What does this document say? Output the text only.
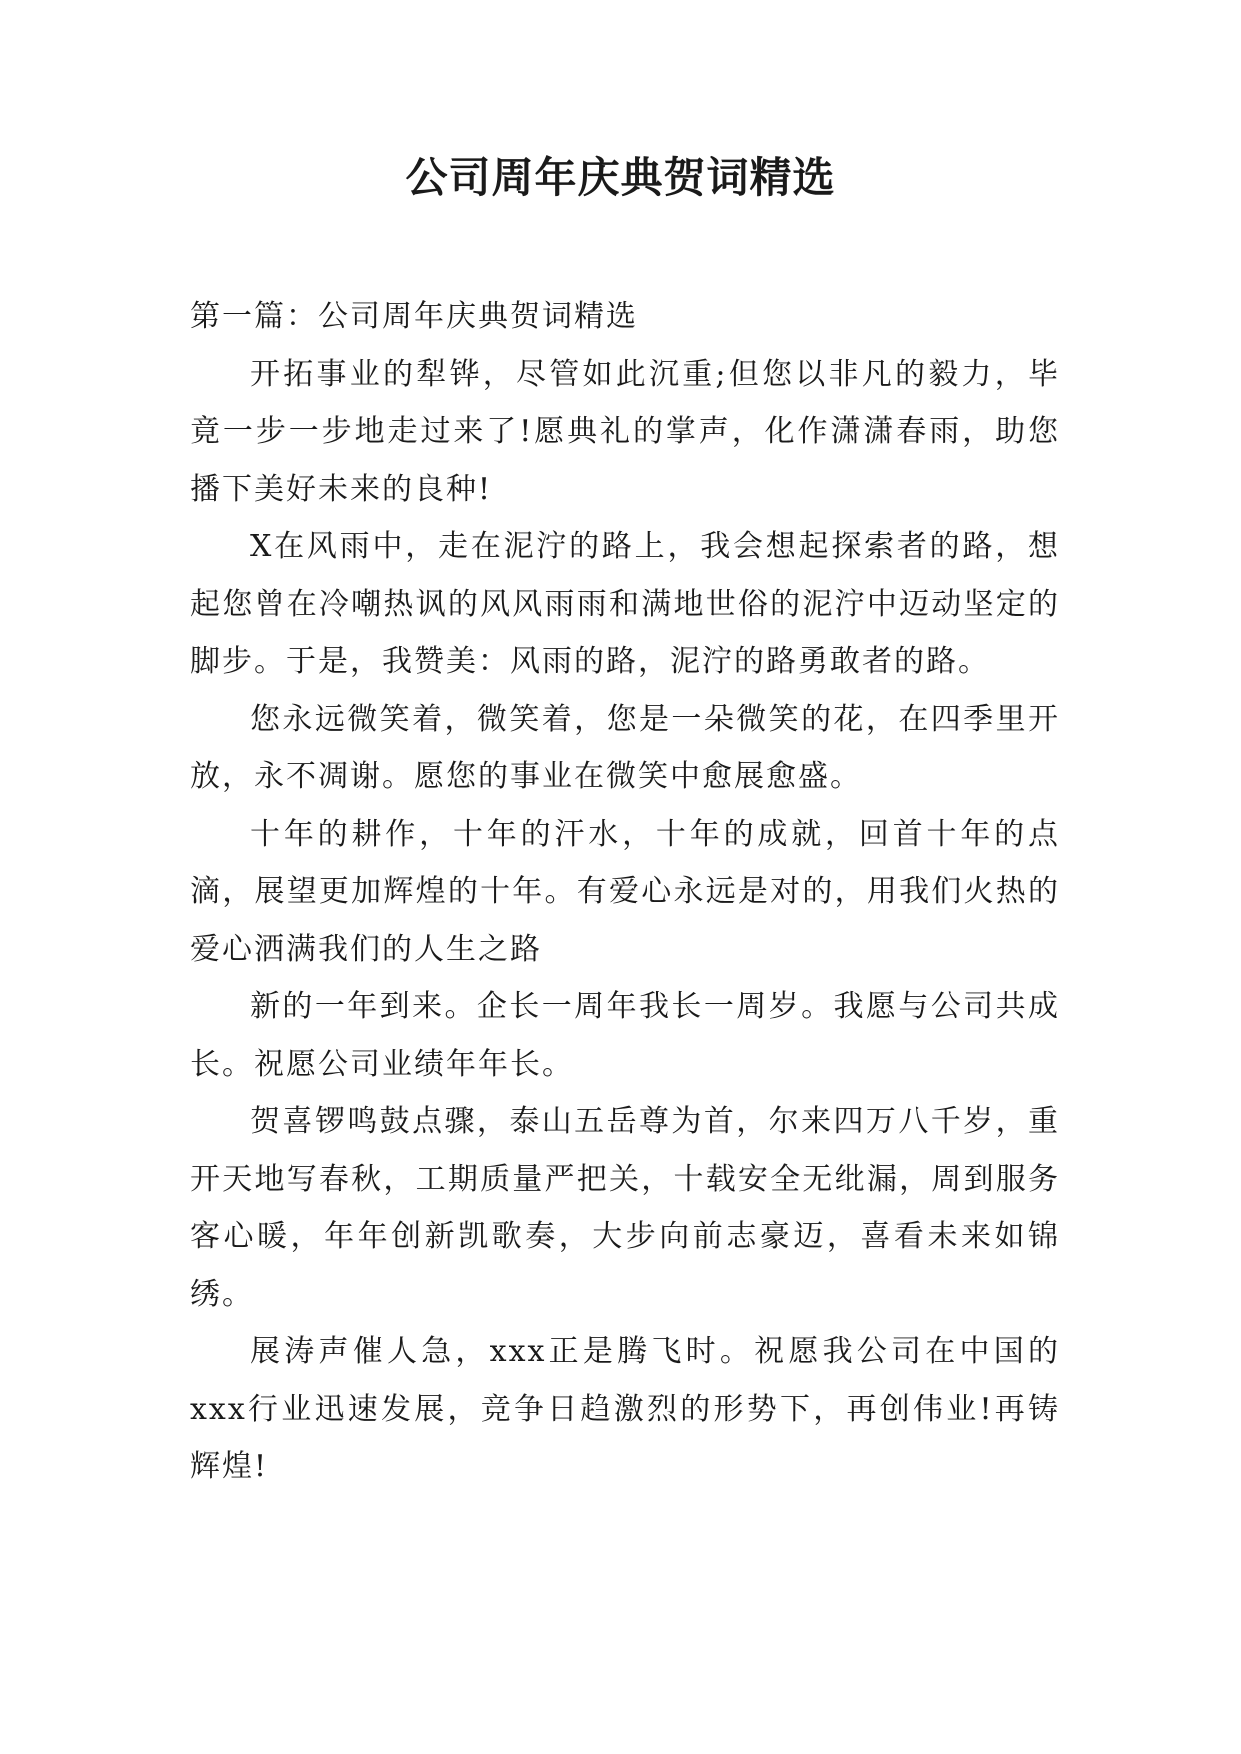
公司周年庆典贺词精选

第一篇：公司周年庆典贺词精选

开拓事业的犁铧，尽管如此沉重;但您以非凡的毅力，毕竟一步一步地走过来了!愿典礼的掌声，化作潇潇春雨，助您播下美好未来的良种!

X在风雨中，走在泥泞的路上，我会想起探索者的路，想起您曾在冷嘲热讽的风风雨雨和满地世俗的泥泞中迈动坚定的脚步。于是，我赞美：风雨的路，泥泞的路勇敢者的路。

您永远微笑着，微笑着，您是一朵微笑的花，在四季里开放，永不凋谢。愿您的事业在微笑中愈展愈盛。

十年的耕作，十年的汗水，十年的成就，回首十年的点滴，展望更加辉煌的十年。有爱心永远是对的，用我们火热的爱心洒满我们的人生之路

新的一年到来。企长一周年我长一周岁。我愿与公司共成长。祝愿公司业绩年年长。

贺喜锣鸣鼓点骤，泰山五岳尊为首，尔来四万八千岁，重开天地写春秋，工期质量严把关，十载安全无纰漏，周到服务客心暖，年年创新凯歌奏，大步向前志豪迈，喜看未来如锦绣。

展涛声催人急，xxx正是腾飞时。祝愿我公司在中国的xxx行业迅速发展，竞争日趋激烈的形势下，再创伟业!再铸辉煌!
